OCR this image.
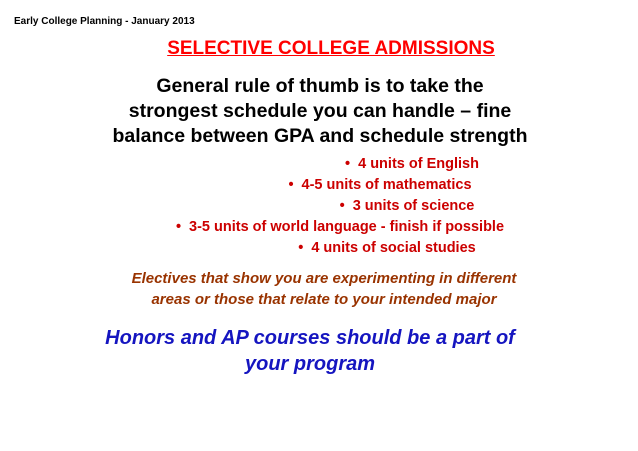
Early College Planning - January 2013
SELECTIVE COLLEGE ADMISSIONS
General rule of thumb is to take the
strongest schedule you can handle – fine
balance between GPA and schedule strength
• 4 units of English
• 4-5 units of mathematics
• 3 units of science
• 3-5 units of world language - finish if possible
• 4 units of social studies
Electives that show you are experimenting in different
areas or those that relate to your intended major
Honors and AP courses should be a part of
your program
